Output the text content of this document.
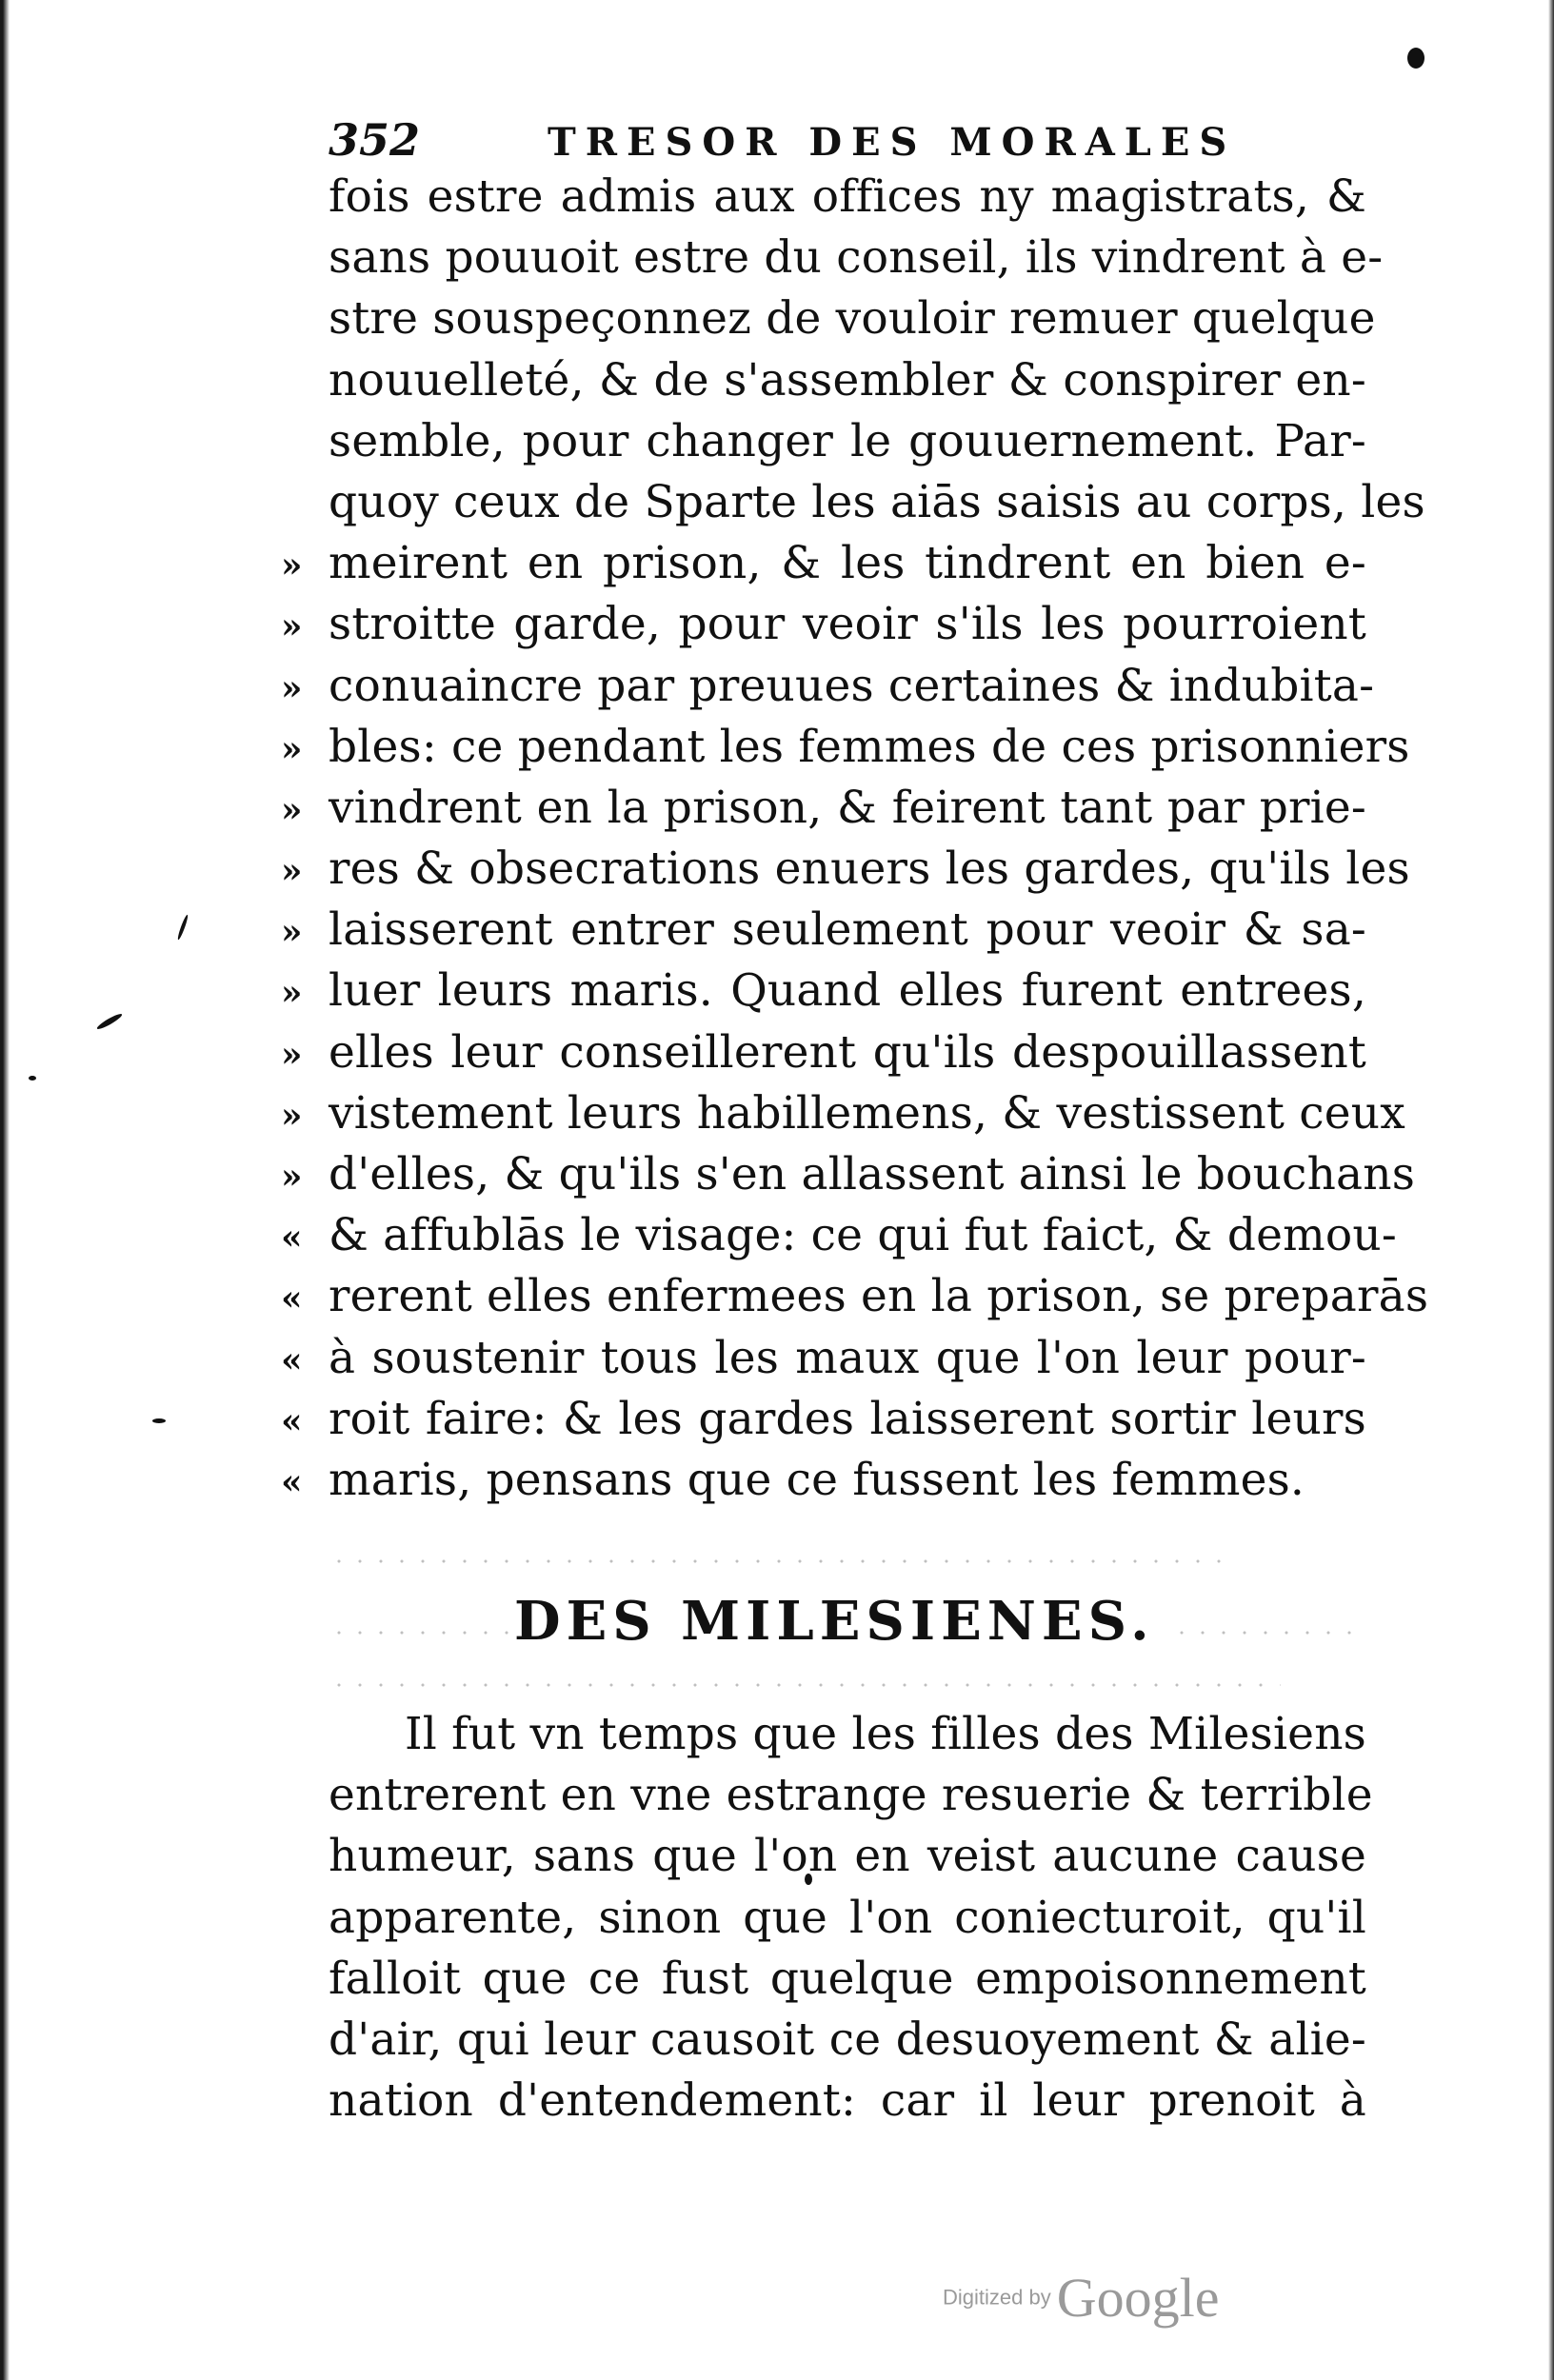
352	TRESOR DES MORALES
fois estre admis aux offices ny magistrats, &
sans pouuoit estre du conseil, ils vindrent à e-
stre souspeçonnez de vouloir remuer quelque
nouuelleté, & de s'assembler & conspirer en-
semble, pour changer le gouuernement. Par-
quoy ceux de Sparte les aiās saisis au corps, les
» meirent en prison, & les tindrent en bien e-
» stroitte garde, pour veoir s'ils les pourroient
» conuaincre par preuues certaines & indubita-
» bles: ce pendant les femmes de ces prisonniers
» vindrent en la prison, & feirent tant par prie-
» res & obsecrations enuers les gardes, qu'ils les
» laisserent entrer seulement pour veoir & sa-
» luer leurs maris. Quand elles furent entrees,
» elles leur conseillerent qu'ils despouillassent
» vistement leurs habillemens, & vestissent ceux
» d'elles, & qu'ils s'en allassent ainsi le bouchans
« & affublās le visage: ce qui fut faict, & demou-
« rerent elles enfermees en la prison, se preparās
« à soustenir tous les maux que l'on leur pour-
« roit faire: & les gardes laisserent sortir leurs
« maris, pensans que ce fussent les femmes.
DES MILESIENES.
Il fut vn temps que les filles des Milesiens
entrerent en vne estrange resuerie & terrible
humeur, sans que l'on en veist aucune cause
apparente, sinon que l'on coniecturoit, qu'il
falloit que ce fust quelque empoisonnement
d'air, qui leur causoit ce desuoyement & alie-
nation d'entendement: car il leur prenoit à
Digitized by Google
